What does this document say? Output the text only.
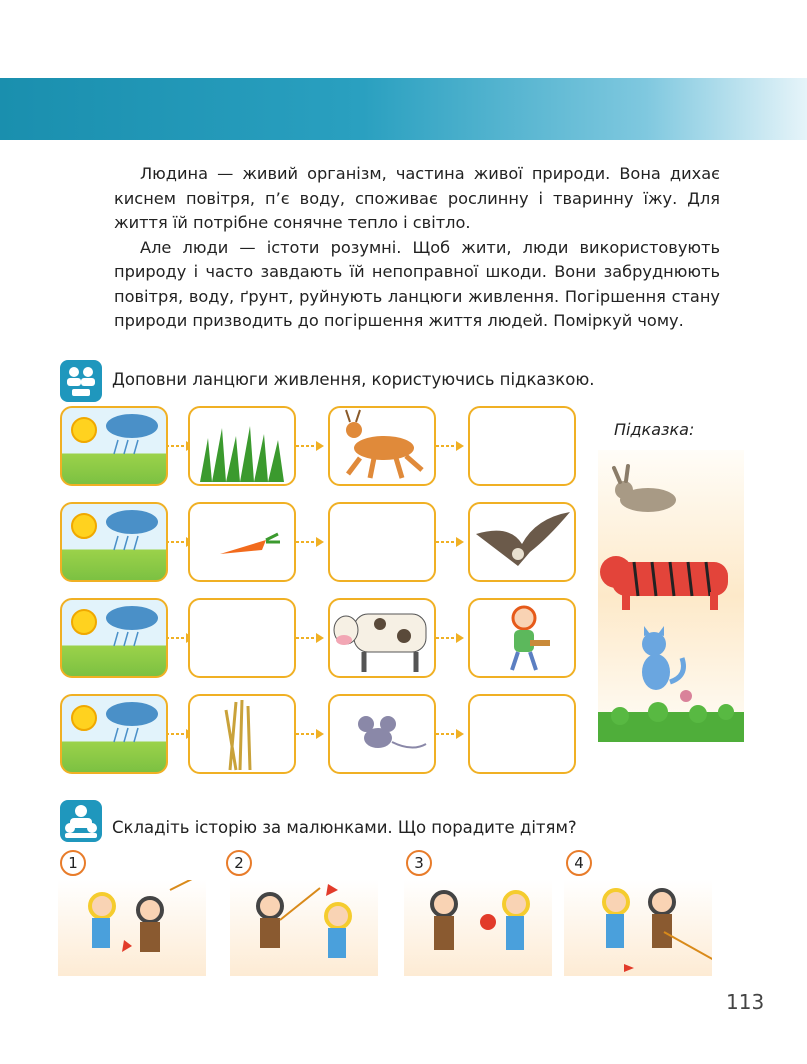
Людина — живий організм, частина живої природи. Вона дихає киснем повітря, п’є воду, споживає рослинну і тваринну їжу. Для життя їй потрібне сонячне тепло і світло.

Але люди — істоти розумні. Щоб жити, люди використовують природу і часто завдають їй непоправної шкоди. Вони забруднюють повітря, воду, ґрунт, руйнують ланцюги живлення. Погіршення стану природи призводить до погіршення життя людей. Поміркуй чому.

Доповни ланцюги живлення, користуючись підказкою.
Підказка:
Складіть історію за малюнками. Що порадите дітям?
1	2	3	4
113
